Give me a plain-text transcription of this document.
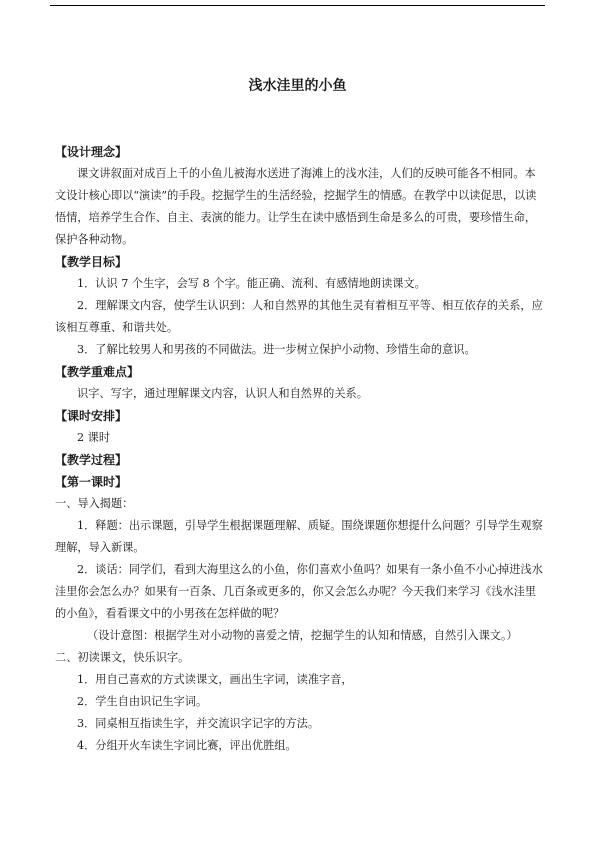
浅水洼里的小鱼

【设计理念】

课文讲叙面对成百上千的小鱼儿被海水送进了海滩上的浅水洼，人们的反映可能各不相同。本文设计核心即以“演读”的手段。挖掘学生的生活经验，挖掘学生的情感。在教学中以读促思，以读悟情，培养学生合作、自主、表演的能力。让学生在读中感悟到生命是多么的可贵，要珍惜生命，保护各种动物。

【教学目标】

1．认识 7 个生字，会写 8 个字。能正确、流利、有感情地朗读课文。

2．理解课文内容，使学生认识到：人和自然界的其他生灵有着相互平等、相互依存的关系，应该相互尊重、和谐共处。

3．了解比较男人和男孩的不同做法。进一步树立保护小动物、珍惜生命的意识。

【教学重难点】

识字、写字，通过理解课文内容，认识人和自然界的关系。

【课时安排】

2 课时

【教学过程】

【第一课时】

一、导入揭题：

1．释题：出示课题，引导学生根据课题理解、质疑。围绕课题你想提什么问题？引导学生观察理解，导入新课。

2．谈话：同学们，看到大海里这么的小鱼，你们喜欢小鱼吗？如果有一条小鱼不小心掉进浅水洼里你会怎么办？如果有一百条、几百条或更多的，你又会怎么办呢？今天我们来学习《浅水洼里的小鱼》，看看课文中的小男孩在怎样做的呢？

（设计意图：根据学生对小动物的喜爱之情，挖掘学生的认知和情感，自然引入课文。）

二、初读课文，快乐识字。

1．用自己喜欢的方式读课文，画出生字词，读准字音，

2．学生自由识记生字词。

3．同桌相互指读生字，并交流识字记字的方法。

4．分组开火车读生字词比赛，评出优胜组。
